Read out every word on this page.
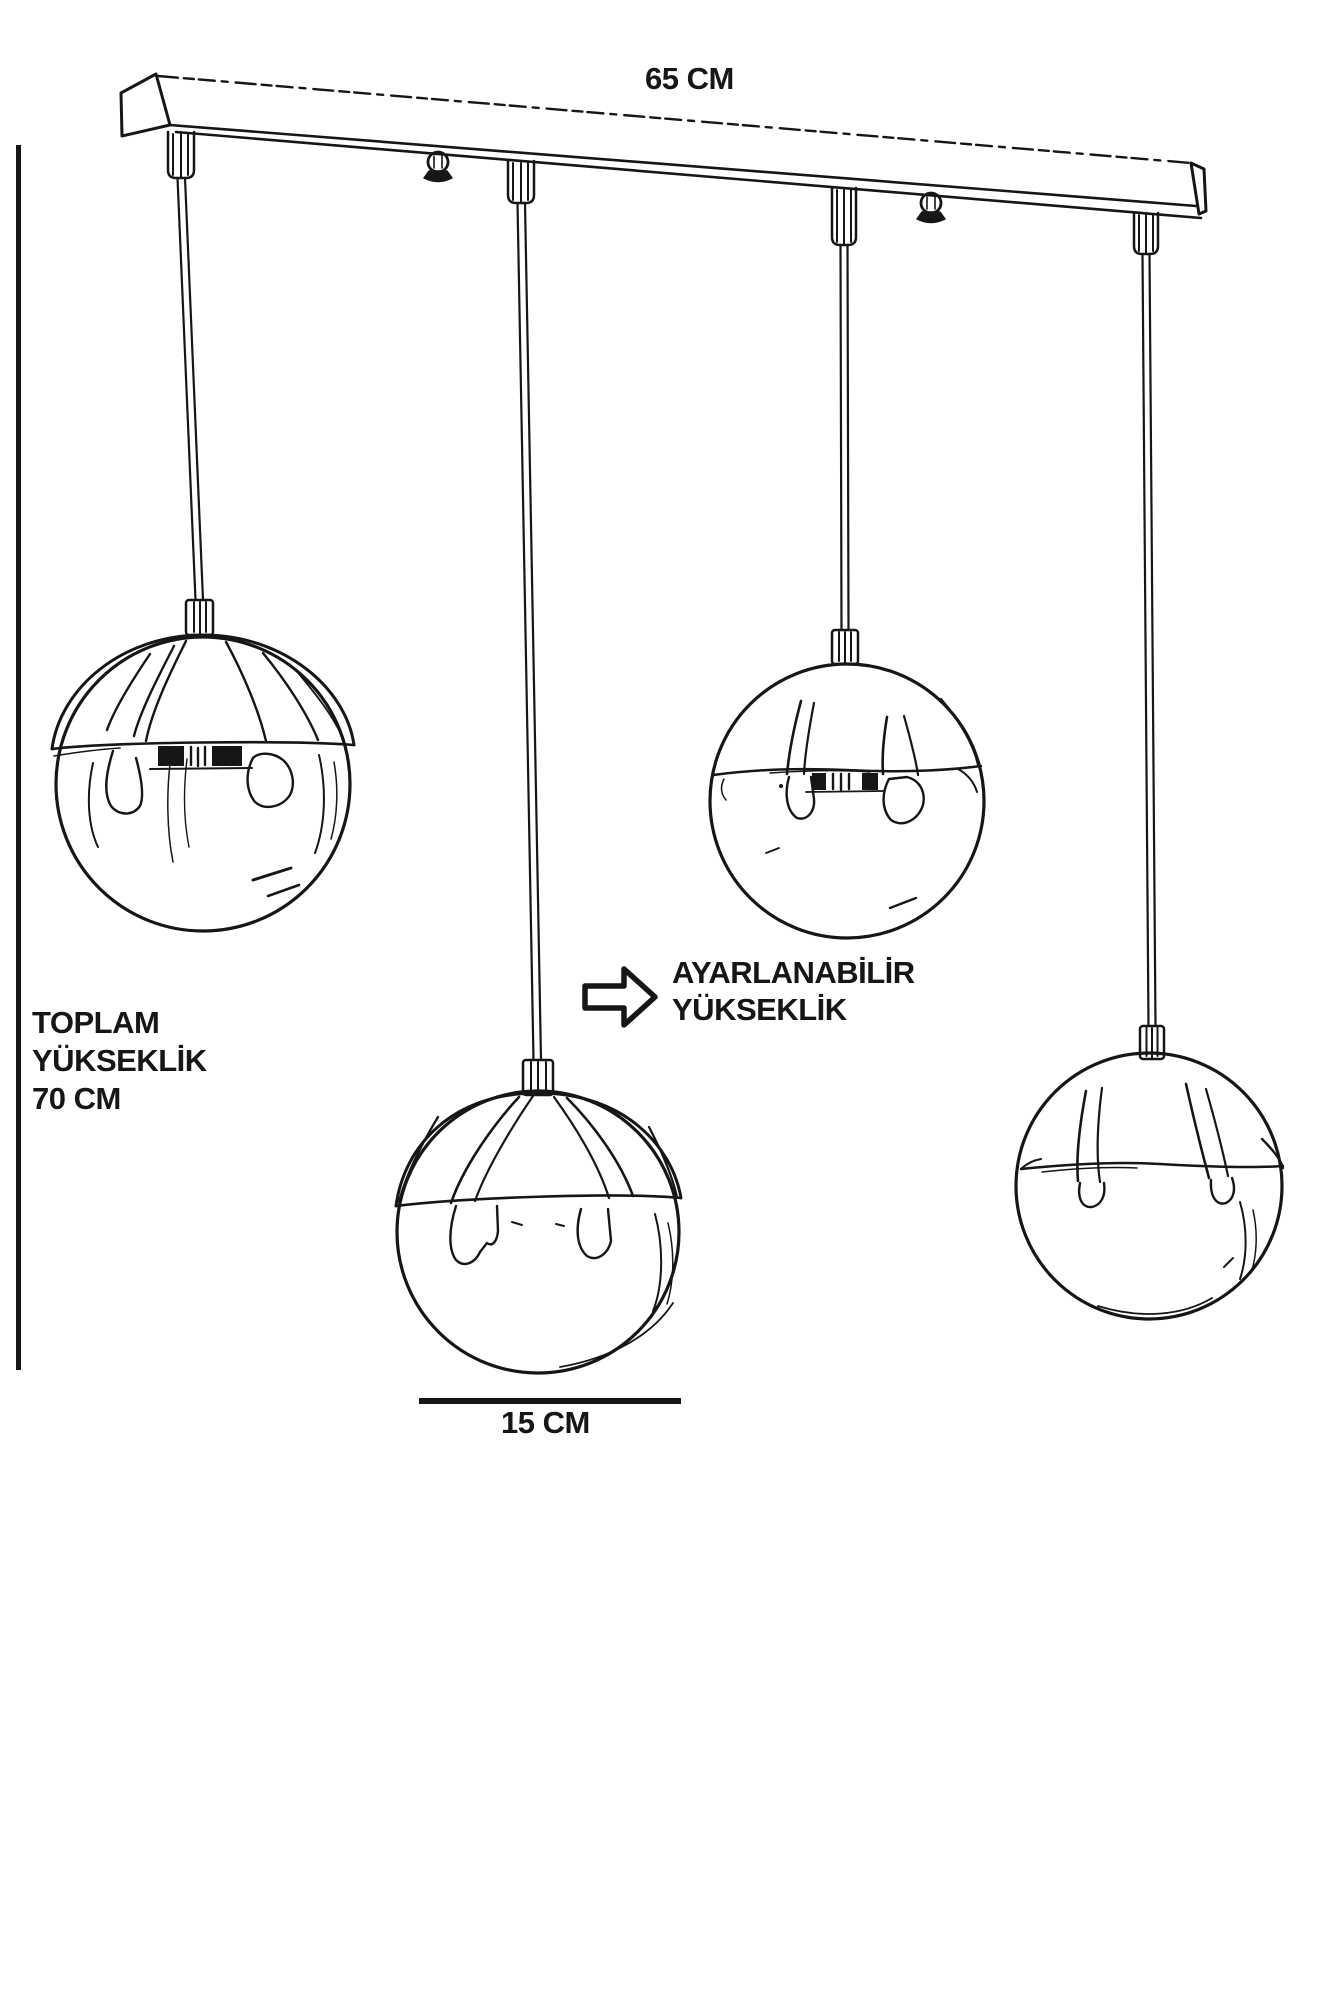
65 CM
TOPLAM
YÜKSEKLİK
70 CM
AYARLANABİLİR
YÜKSEKLİK
15 CM
